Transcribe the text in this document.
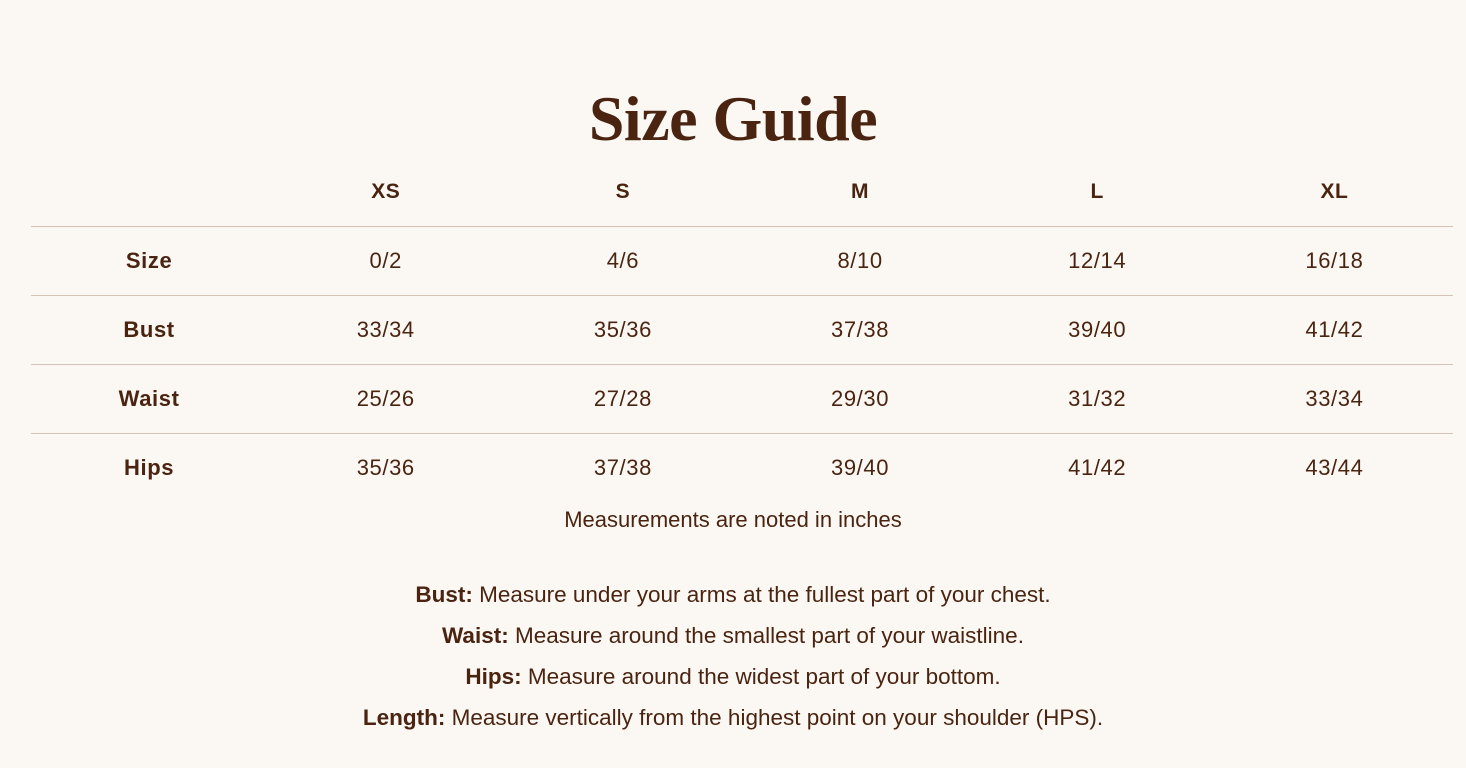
Size Guide
	XS	S	M	L	XL
Size	0/2	4/6	8/10	12/14	16/18
Bust	33/34	35/36	37/38	39/40	41/42
Waist	25/26	27/28	29/30	31/32	33/34
Hips	35/36	37/38	39/40	41/42	43/44
Measurements are noted in inches
Bust: Measure under your arms at the fullest part of your chest.
Waist: Measure around the smallest part of your waistline.
Hips: Measure around the widest part of your bottom.
Length: Measure vertically from the highest point on your shoulder (HPS).
